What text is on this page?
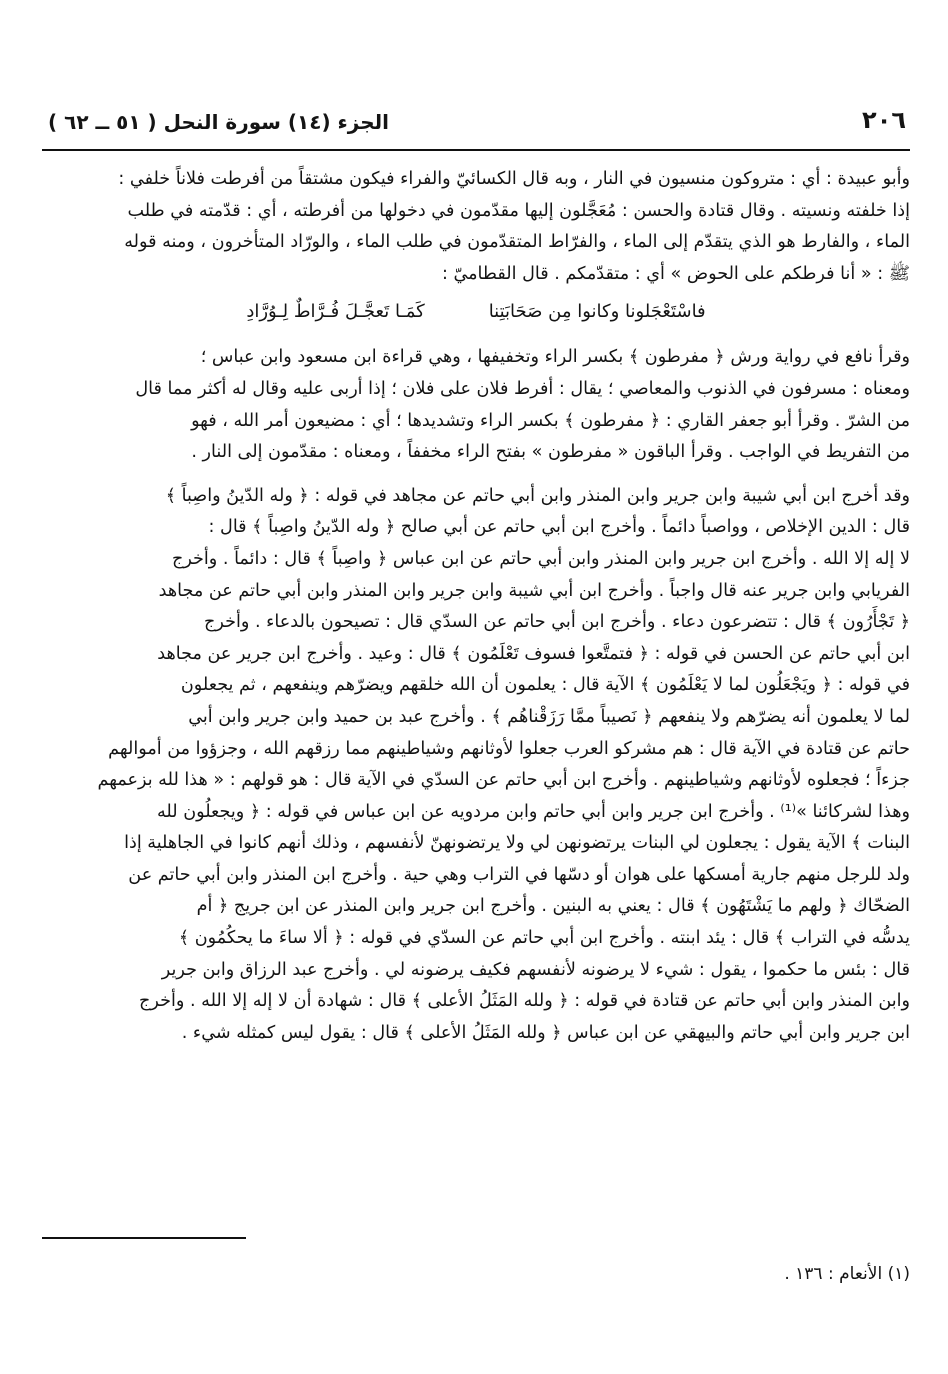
٢٠٦
الجزء (١٤) سورة النحل ( ٥١ ــ ٦٢ )

وأبو عبيدة : أي : متروكون منسيون في النار ، وبه قال الكسائيّ والفراء فيكون مشتقاً من أفرطت فلاناً خلفي :

إذا خلفته ونسيته . وقال قتادة والحسن : مُعَجَّلون إليها مقدّمون في دخولها من أفرطته ، أي : قدّمته في طلب

الماء ، والفارط هو الذي يتقدّم إلى الماء ، والفرّاط المتقدّمون في طلب الماء ، والورّاد المتأخرون ، ومنه قوله

ﷺ : « أنا فرطكم على الحوض » أي : متقدّمكم . قال القطاميّ :

فاسْتَعْجَلونا وكانوا مِن صَحَابَتِنا
كَمَـا تَعجَّـلَ فُـرَّاطٌ لِـوُرَّادِ

وقرأ نافع في رواية ورش ﴿ مفرطون ﴾ بكسر الراء وتخفيفها ، وهي قراءة ابن مسعود وابن عباس ؛

ومعناه : مسرفون في الذنوب والمعاصي ؛ يقال : أفرط فلان على فلان ؛ إذا أربى عليه وقال له أكثر مما قال

من الشرّ . وقرأ أبو جعفر القاري : ﴿ مفرطون ﴾ بكسر الراء وتشديدها ؛ أي : مضيعون أمر الله ، فهو

من التفريط في الواجب . وقرأ الباقون « مفرطون » بفتح الراء مخففاً ، ومعناه : مقدّمون إلى النار .

وقد أخرج ابن أبي شيبة وابن جرير وابن المنذر وابن أبي حاتم عن مجاهد في قوله : ﴿ وله الدّينُ واصِباً ﴾

قال : الدين الإخلاص ، وواصباً دائماً . وأخرج ابن أبي حاتم عن أبي صالح ﴿ وله الدّينُ واصِباً ﴾ قال :

لا إله إلا الله . وأخرج ابن جرير وابن المنذر وابن أبي حاتم عن ابن عباس ﴿ واصِباً ﴾ قال : دائماً . وأخرج

الفريابي وابن جرير عنه قال واجباً . وأخرج ابن أبي شيبة وابن جرير وابن المنذر وابن أبي حاتم عن مجاهد

﴿ تَجْأَرُون ﴾ قال : تتضرعون دعاء . وأخرج ابن أبي حاتم عن السدّي قال : تصيحون بالدعاء . وأخرج

ابن أبي حاتم عن الحسن في قوله : ﴿ فتمتَّعوا فسوف تَعْلَمُون ﴾ قال : وعيد . وأخرج ابن جرير عن مجاهد

في قوله : ﴿ ويَجْعَلُون لما لا يَعْلَمُون ﴾ الآية قال : يعلمون أن الله خلقهم ويضرّهم وينفعهم ، ثم يجعلون

لما لا يعلمون أنه يضرّهم ولا ينفعهم ﴿ نَصيباً ممَّا رَزَقْناهُم ﴾ . وأخرج عبد بن حميد وابن جرير وابن أبي

حاتم عن قتادة في الآية قال : هم مشركو العرب جعلوا لأوثانهم وشياطينهم مما رزقهم الله ، وجزؤوا من أموالهم

جزءاً ؛ فجعلوه لأوثانهم وشياطينهم . وأخرج ابن أبي حاتم عن السدّي في الآية قال : هو قولهم : « هذا لله بزعمهم

وهذا لشركائنا »⁽¹⁾ . وأخرج ابن جرير وابن أبي حاتم وابن مردويه عن ابن عباس في قوله : ﴿ ويجعلُون لله

البنات ﴾ الآية يقول : يجعلون لي البنات يرتضونهن لي ولا يرتضونهنّ لأنفسهم ، وذلك أنهم كانوا في الجاهلية إذا

ولد للرجل منهم جارية أمسكها على هوان أو دسّها في التراب وهي حية . وأخرج ابن المنذر وابن أبي حاتم عن

الضحّاك ﴿ ولهم ما يَشْتَهُون ﴾ قال : يعني به البنين . وأخرج ابن جرير وابن المنذر عن ابن جريج ﴿ أم

يدسُّه في التراب ﴾ قال : يئد ابنته . وأخرج ابن أبي حاتم عن السدّي في قوله : ﴿ ألا ساءَ ما يحكُمُون ﴾

قال : بئس ما حكموا ، يقول : شيء لا يرضونه لأنفسهم فكيف يرضونه لي . وأخرج عبد الرزاق وابن جرير

وابن المنذر وابن أبي حاتم عن قتادة في قوله : ﴿ ولله المَثَلُ الأعلى ﴾ قال : شهادة أن لا إله إلا الله . وأخرج

ابن جرير وابن أبي حاتم والبيهقي عن ابن عباس ﴿ ولله المَثَلُ الأعلى ﴾ قال : يقول ليس كمثله شيء .

(١) الأنعام : ١٣٦ .
